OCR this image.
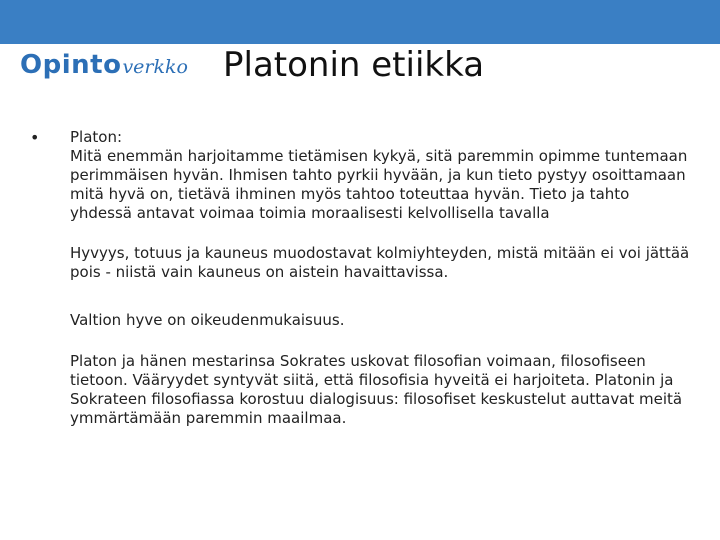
Opinto verkko Platonin etiikka
•	Platon:

Mitä enemmän harjoitamme tietämisen kykyä, sitä paremmin opimme tuntemaan perimmäisen hyvän. Ihmisen tahto pyrkii hyvään, ja kun tieto pystyy osoittamaan mitä hyvä on, tietävä ihminen myös tahtoo toteuttaa hyvän. Tieto ja tahto yhdessä antavat voimaa toimia moraalisesti kelvollisella tavalla

Hyvyys, totuus ja kauneus muodostavat kolmiyhteyden, mistä mitään ei voi jättää pois - niistä vain kauneus on aistein havaittavissa.

Valtion hyve on oikeudenmukaisuus.

Platon ja hänen mestarinsa Sokrates uskovat filosofian voimaan, filosofiseen tietoon. Vääryydet syntyvät siitä, että filosofisia hyveitä ei harjoiteta. Platonin ja Sokrateen filosofiassa korostuu dialogisuus: filosofiset keskustelut auttavat meitä ymmärtämään paremmin maailmaa.
